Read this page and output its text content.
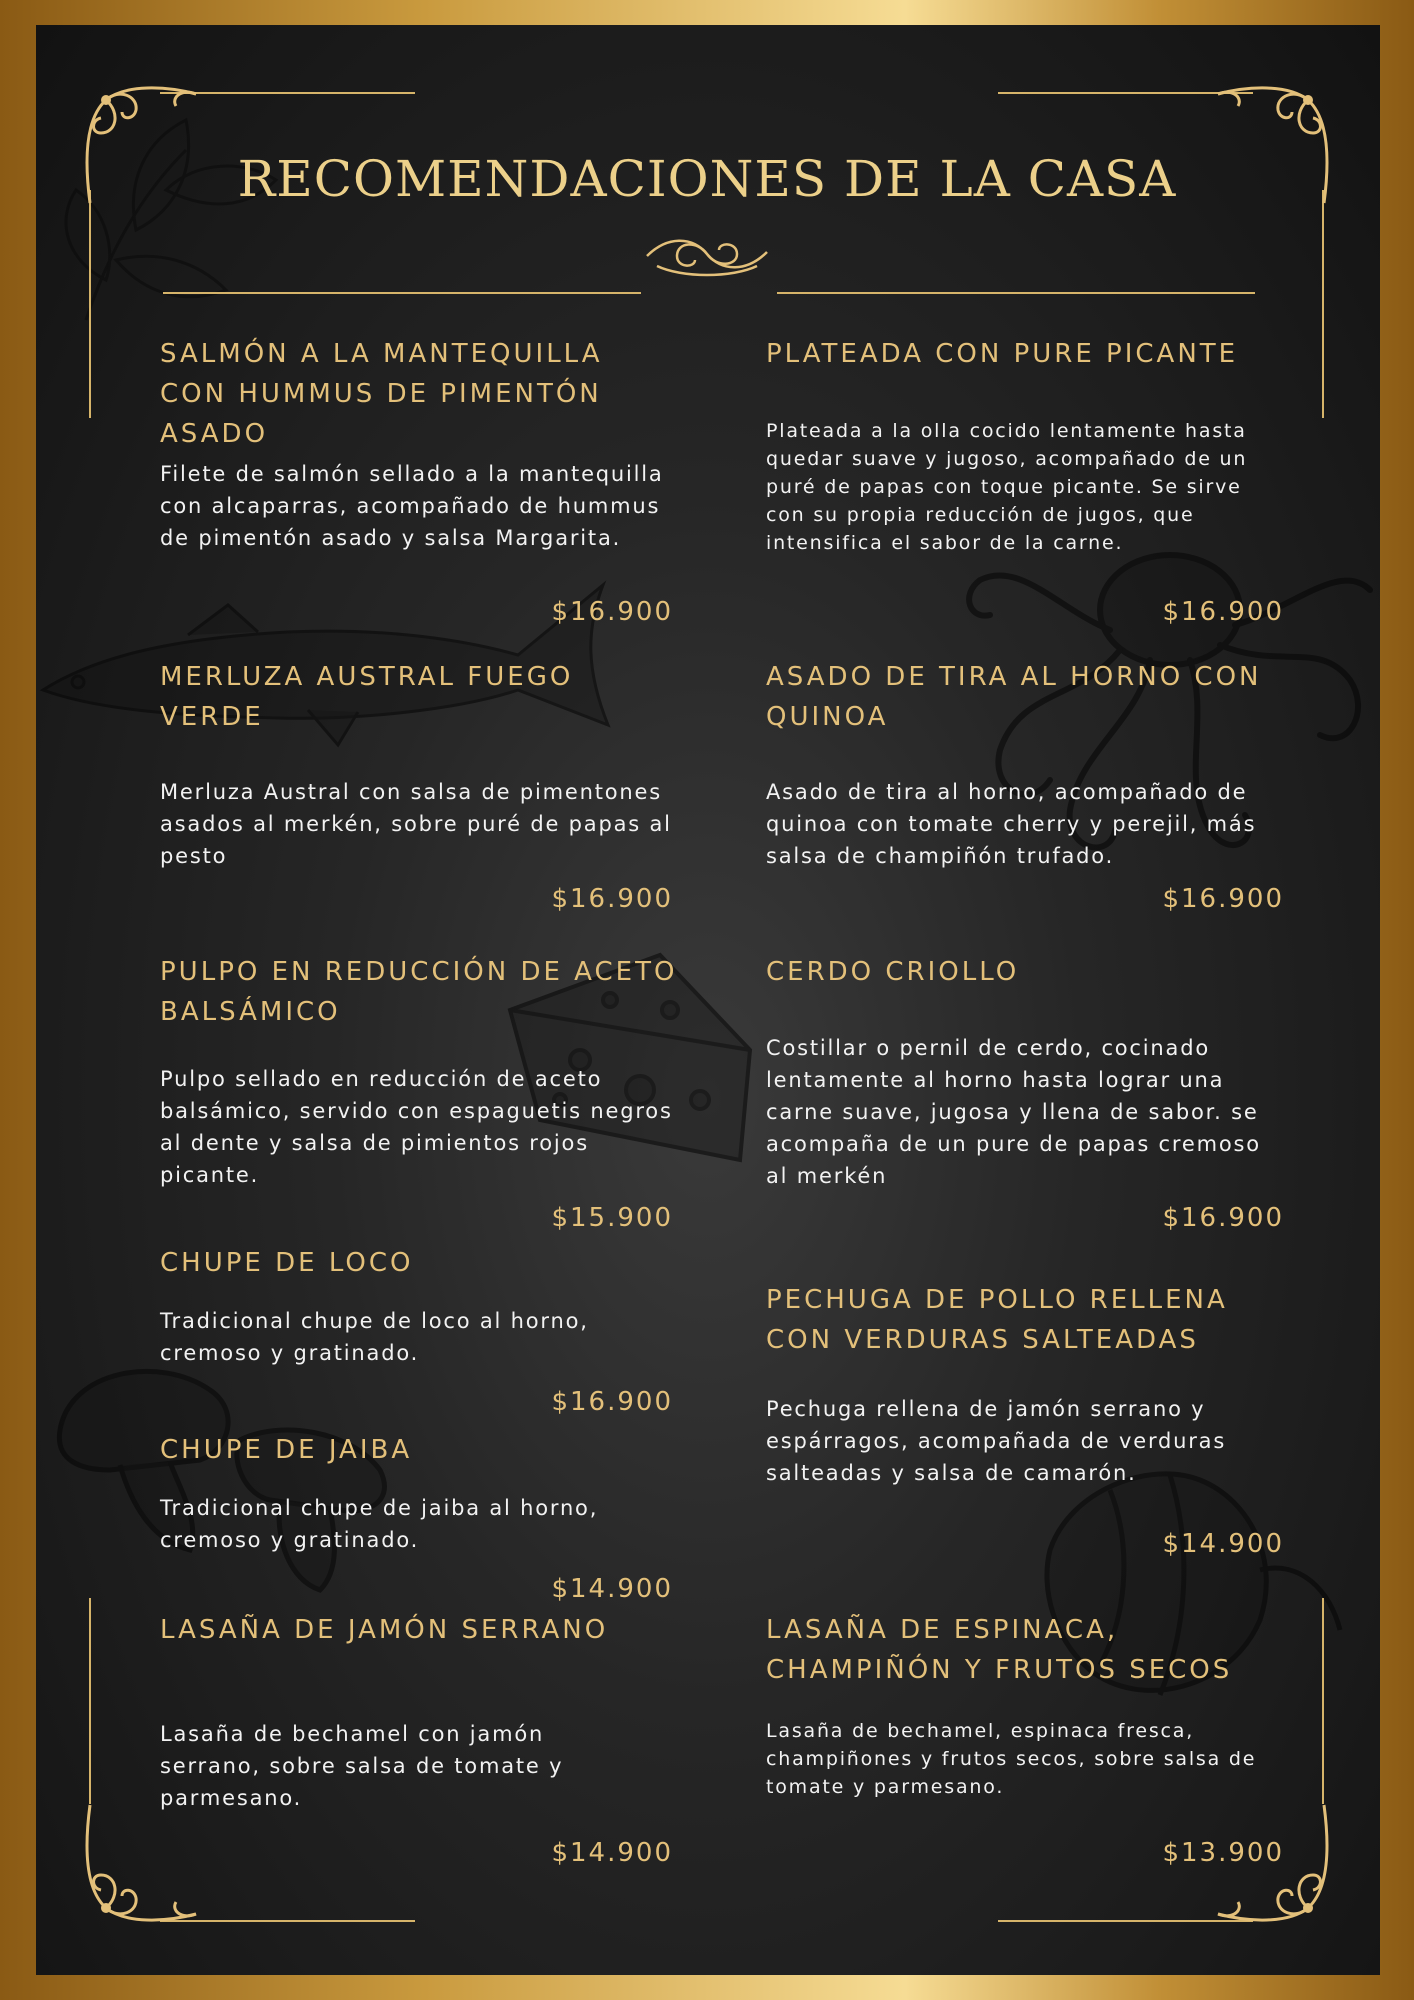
RECOMENDACIONES DE LA CASA
SALMÓN A LA MANTEQUILLA CON HUMMUS DE PIMENTÓN ASADO

Filete de salmón sellado a la mantequilla con alcaparras, acompañado de hummus de pimentón asado y salsa Margarita.

$16.900

MERLUZA AUSTRAL FUEGO VERDE

Merluza Austral con salsa de pimentones asados al merkén, sobre puré de papas al pesto

$16.900

PULPO EN REDUCCIÓN DE ACETO BALSÁMICO

Pulpo sellado en reducción de aceto balsámico, servido con espaguetis negros al dente y salsa de pimientos rojos picante.

$15.900

CHUPE DE LOCO

Tradicional chupe de loco al horno, cremoso y gratinado.

$16.900

CHUPE DE JAIBA

Tradicional chupe de jaiba al horno, cremoso y gratinado.

$14.900

LASAÑA DE JAMÓN SERRANO

Lasaña de bechamel con jamón serrano, sobre salsa de tomate y parmesano.

$14.900

PLATEADA CON PURE PICANTE

Plateada a la olla cocido lentamente hasta quedar suave y jugoso, acompañado de un puré de papas con toque picante. Se sirve con su propia reducción de jugos, que intensifica el sabor de la carne.

$16.900

ASADO DE TIRA AL HORNO CON QUINOA

Asado de tira al horno, acompañado de quinoa con tomate cherry y perejil, más salsa de champiñón trufado.

$16.900

CERDO CRIOLLO

Costillar o pernil de cerdo, cocinado lentamente al horno hasta lograr una carne suave, jugosa y llena de sabor. se acompaña de un pure de papas cremoso al merkén

$16.900

PECHUGA DE POLLO RELLENA CON VERDURAS SALTEADAS

Pechuga rellena de jamón serrano y espárragos, acompañada de verduras salteadas y salsa de camarón.

$14.900

LASAÑA DE ESPINACA, CHAMPIÑÓN Y FRUTOS SECOS

Lasaña de bechamel, espinaca fresca, champiñones y frutos secos, sobre salsa de tomate y parmesano.

$13.900
